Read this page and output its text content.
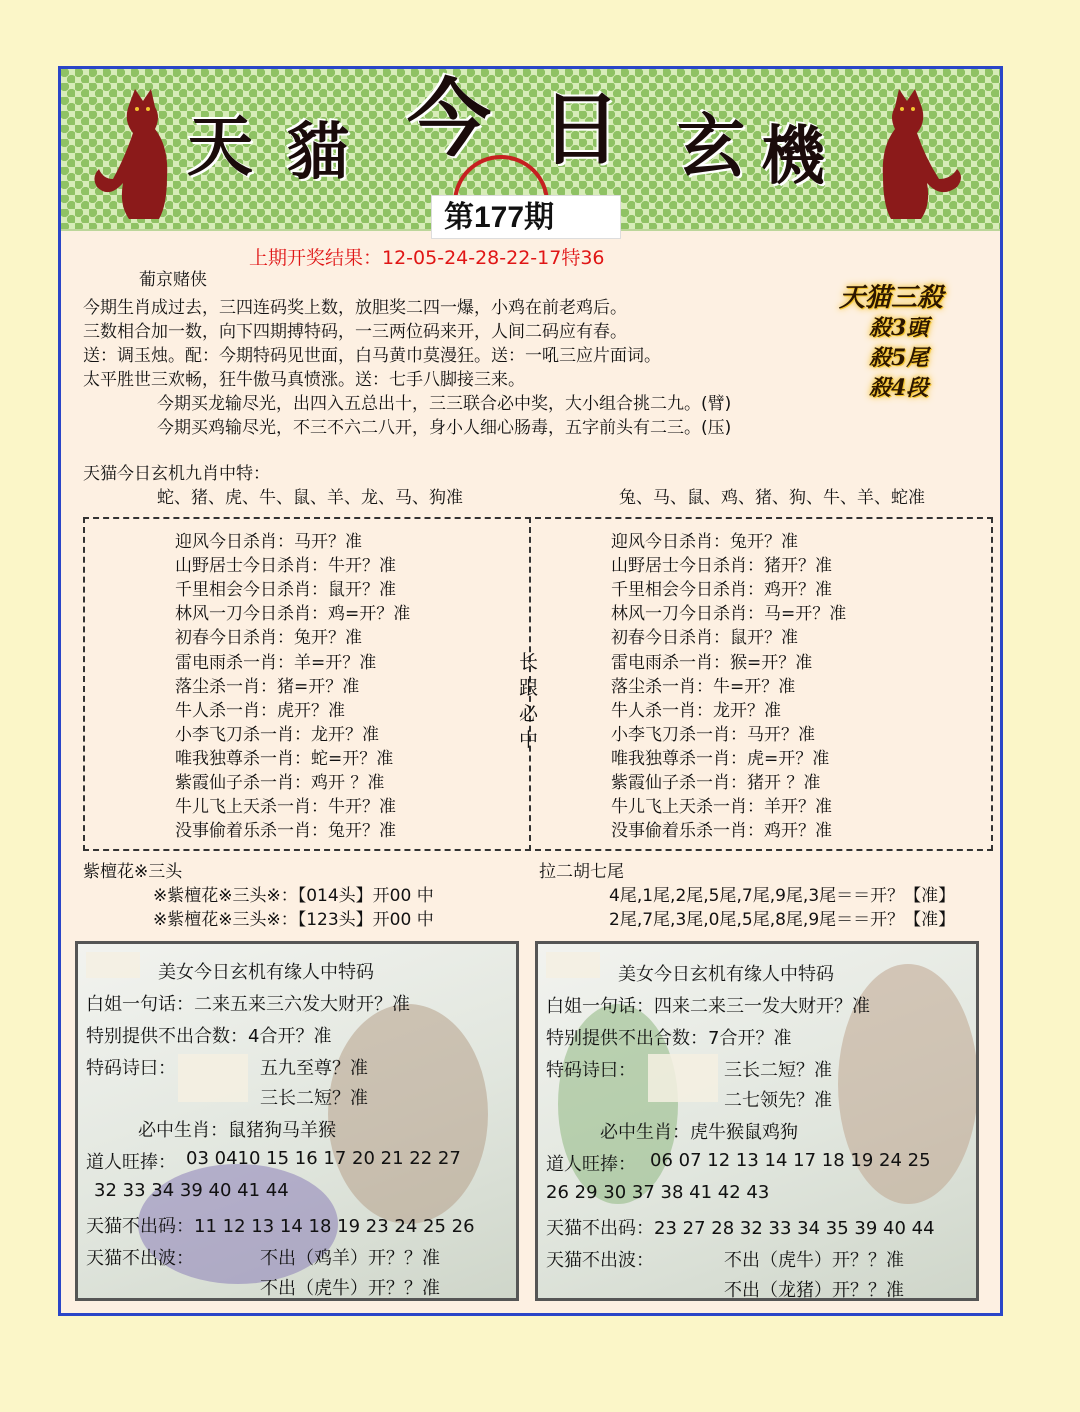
天 貓 今 日 玄 機
第177期
上期开奖结果：12-05-24-28-22-17特36
天猫三殺
殺3頭
殺5尾
殺4段
葡京赌侠
今期生肖成过去，三四连码奖上数，放胆奖二四一爆，小鸡在前老鸡后。
三数相合加一数，向下四期搏特码，一三两位码来开，人间二码应有春。
送：调玉烛。配：今期特码见世面，白马黄巾莫漫狂。送：一吼三应片面词。
太平胜世三欢畅，狂牛傲马真愤涨。送：七手八脚接三来。
今期买龙输尽光，出四入五总出十，三三联合必中奖，大小组合挑二九。(臂)
今期买鸡输尽光，不三不六二八开，身小人细心肠毒，五字前头有二三。(压)
天猫今日玄机九肖中特：
蛇、猪、虎、牛、鼠、羊、龙、马、狗准	兔、马、鼠、鸡、猪、狗、牛、羊、蛇准
迎风今日杀肖：马开？准
山野居士今日杀肖：牛开？准
千里相会今日杀肖：鼠开？准
林风一刀今日杀肖：鸡=开？准
初春今日杀肖：兔开？准
雷电雨杀一肖：羊=开？准
落尘杀一肖：猪=开？准
牛人杀一肖：虎开？准
小李飞刀杀一肖：龙开？准
唯我独尊杀一肖：蛇=开？准
紫霞仙子杀一肖：鸡开 ？准
牛儿飞上天杀一肖：牛开？准
没事偷着乐杀一肖：兔开？准
迎风今日杀肖：兔开？准
山野居士今日杀肖：猪开？准
千里相会今日杀肖：鸡开？准
林风一刀今日杀肖：马=开？准
初春今日杀肖：鼠开？准
雷电雨杀一肖：猴=开？准
落尘杀一肖：牛=开？准
牛人杀一肖：龙开？准
小李飞刀杀一肖：马开？准
唯我独尊杀一肖：虎=开？准
紫霞仙子杀一肖：猪开 ？准
牛儿飞上天杀一肖：羊开？准
没事偷着乐杀一肖：鸡开？准
长
跟
必
中
紫檀花※三头
※紫檀花※三头※：【014头】开00 中
※紫檀花※三头※：【123头】开00 中
拉二胡七尾
4尾,1尾,2尾,5尾,7尾,9尾,3尾＝＝开？【准】
2尾,7尾,3尾,0尾,5尾,8尾,9尾＝＝开？【准】
美女今日玄机有缘人中特码
白姐一句话：二来五来三六发大财开？准
特别提供不出合数：4合开？准
特码诗曰：	五九至尊？准
三长二短？准
必中生肖：鼠猪狗马羊猴
道人旺捧： 03 0410 15 16 17 20 21 22 27
32 33 34 39 40 41 44
天猫不出码：11 12 13 14 18 19 23 24 25 26
天猫不出波：	不出（鸡羊）开？？准
不出（虎牛）开？？准
美女今日玄机有缘人中特码
白姐一句话：四来二来三一发大财开？准
特别提供不出合数：7合开？准
特码诗曰：	三长二短？准
二七领先？准
必中生肖：虎牛猴鼠鸡狗
道人旺捧： 06 07 12 13 14 17 18 19 24 25
26 29 30 37 38 41 42 43
天猫不出码：23 27 28 32 33 34 35 39 40 44
天猫不出波：	不出（虎牛）开？？准
不出（龙猪）开？？准
